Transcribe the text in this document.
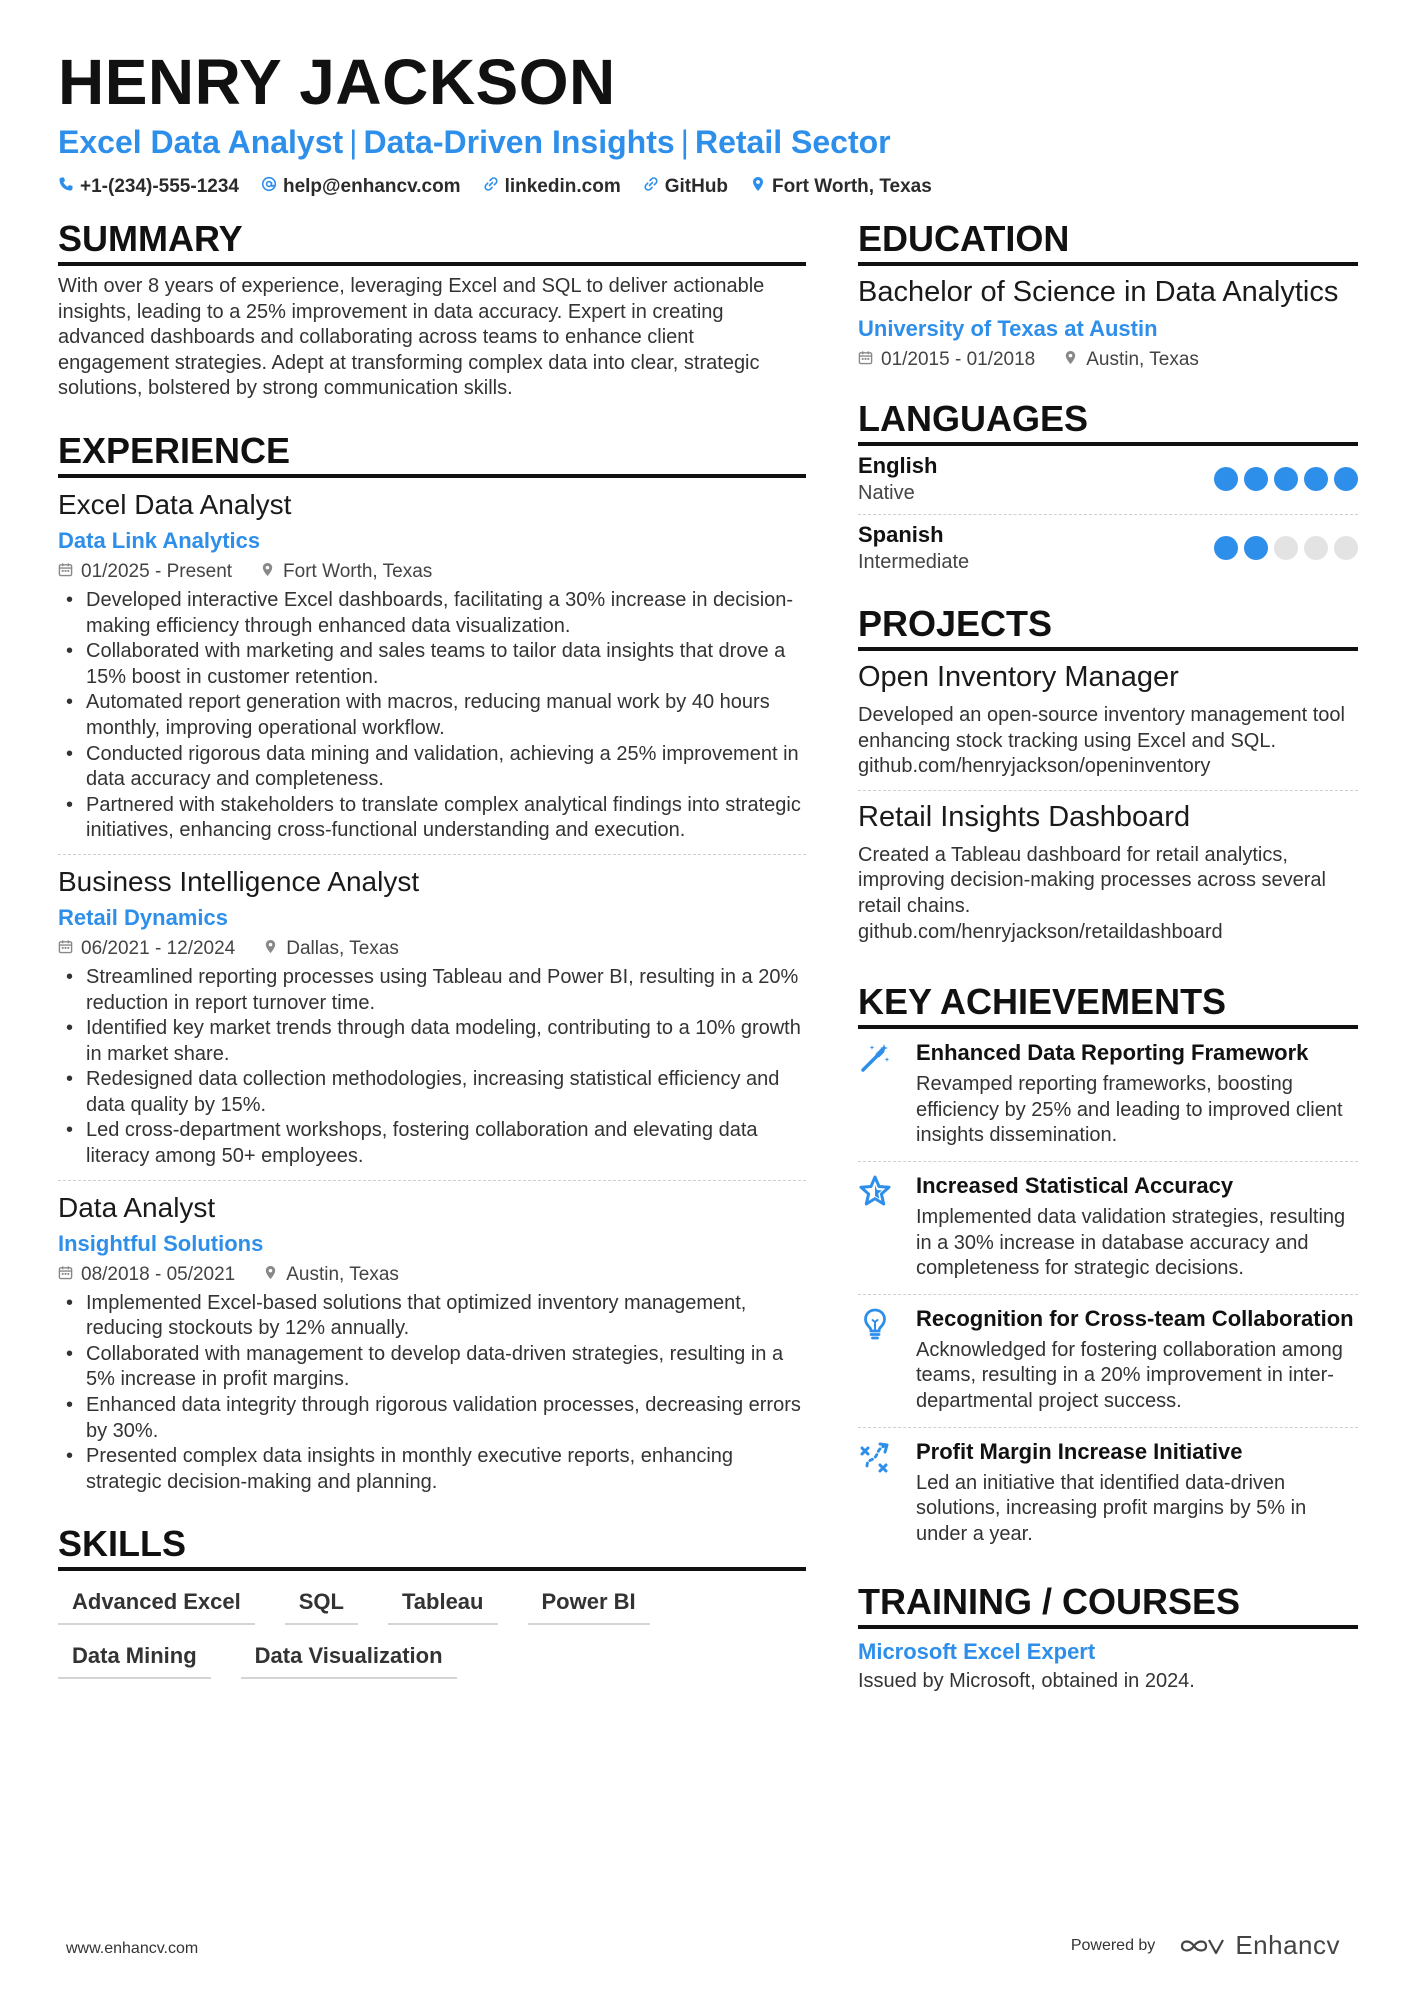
HENRY JACKSON
Excel Data Analyst | Data-Driven Insights | Retail Sector
+1-(234)-555-1234 help@enhancv.com linkedin.com GitHub Fort Worth, Texas
SUMMARY

With over 8 years of experience, leveraging Excel and SQL to deliver actionable insights, leading to a 25% improvement in data accuracy. Expert in creating advanced dashboards and collaborating across teams to enhance client engagement strategies. Adept at transforming complex data into clear, strategic solutions, bolstered by strong communication skills.

EXPERIENCE
Excel Data Analyst
Data Link Analytics
01/2025 - Present	Fort Worth, Texas
• Developed interactive Excel dashboards, facilitating a 30% increase in decision-making efficiency through enhanced data visualization.
• Collaborated with marketing and sales teams to tailor data insights that drove a 15% boost in customer retention.
• Automated report generation with macros, reducing manual work by 40 hours monthly, improving operational workflow.
• Conducted rigorous data mining and validation, achieving a 25% improvement in data accuracy and completeness.
• Partnered with stakeholders to translate complex analytical findings into strategic initiatives, enhancing cross-functional understanding and execution.
Business Intelligence Analyst
Retail Dynamics
06/2021 - 12/2024	Dallas, Texas
• Streamlined reporting processes using Tableau and Power BI, resulting in a 20% reduction in report turnover time.
• Identified key market trends through data modeling, contributing to a 10% growth in market share.
• Redesigned data collection methodologies, increasing statistical efficiency and data quality by 15%.
• Led cross-department workshops, fostering collaboration and elevating data literacy among 50+ employees.
Data Analyst
Insightful Solutions
08/2018 - 05/2021	Austin, Texas
• Implemented Excel-based solutions that optimized inventory management, reducing stockouts by 12% annually.
• Collaborated with management to develop data-driven strategies, resulting in a 5% increase in profit margins.
• Enhanced data integrity through rigorous validation processes, decreasing errors by 30%.
• Presented complex data insights in monthly executive reports, enhancing strategic decision-making and planning.
SKILLS
Advanced Excel	SQL	Tableau	Power BI
Data Mining	Data Visualization
EDUCATION
Bachelor of Science in Data Analytics
University of Texas at Austin
01/2015 - 01/2018	Austin, Texas
LANGUAGES
English
Native
Spanish
Intermediate
PROJECTS
Open Inventory Manager

Developed an open-source inventory management tool enhancing stock tracking using Excel and SQL.
github.com/henryjackson/openinventory

Retail Insights Dashboard

Created a Tableau dashboard for retail analytics, improving decision-making processes across several retail chains.
github.com/henryjackson/retaildashboard

KEY ACHIEVEMENTS
Enhanced Data Reporting Framework

Revamped reporting frameworks, boosting efficiency by 25% and leading to improved client insights dissemination.

Increased Statistical Accuracy

Implemented data validation strategies, resulting in a 30% increase in database accuracy and completeness for strategic decisions.

Recognition for Cross-team Collaboration

Acknowledged for fostering collaboration among teams, resulting in a 20% improvement in inter-departmental project success.

Profit Margin Increase Initiative

Led an initiative that identified data-driven solutions, increasing profit margins by 5% in under a year.

TRAINING / COURSES
Microsoft Excel Expert

Issued by Microsoft, obtained in 2024.

www.enhancv.com	Powered by	Enhancv
